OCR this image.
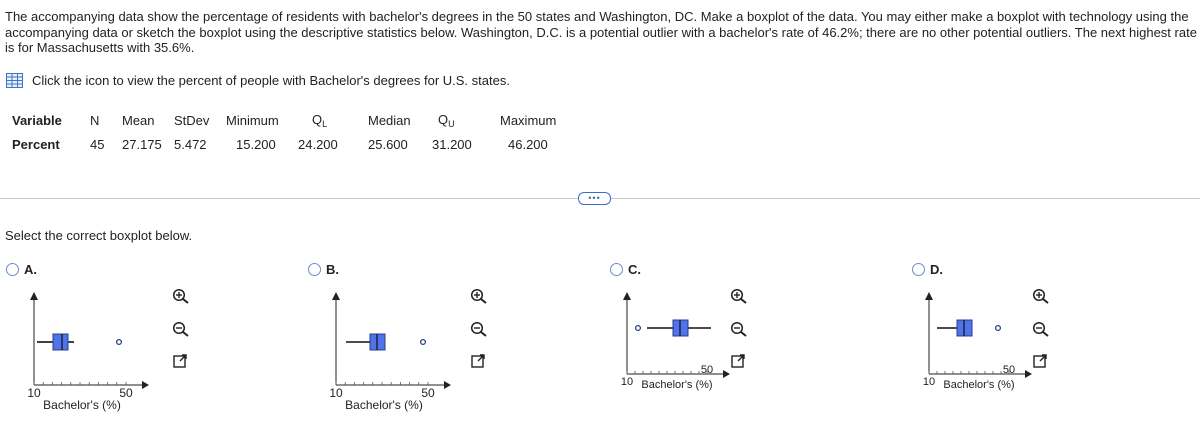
The accompanying data show the percentage of residents with bachelor's degrees in the 50 states and Washington, DC. Make a boxplot of the data. You may either make a boxplot with technology using the accompanying data or sketch the boxplot using the descriptive statistics below. Washington, D.C. is a potential outlier with a bachelor's rate of 46.2%; there are no other potential outliers. The next highest rate is for Massachusetts with 35.6%.
Click the icon to view the percent of people with Bachelor's degrees for U.S. states.
Variable	N	Mean	StDev	Minimum	$Q_L$	Median	$Q_U$	Maximum
Percent	45	27.175	5.472	15.200	24.200	25.600	31.200	46.200
•••
Select the correct boxplot below.
A.
10	50
Bachelor's (%)
B.
10	50
Bachelor's (%)
C.
10
50
Bachelor's (%)
D.
10
50
Bachelor's (%)
